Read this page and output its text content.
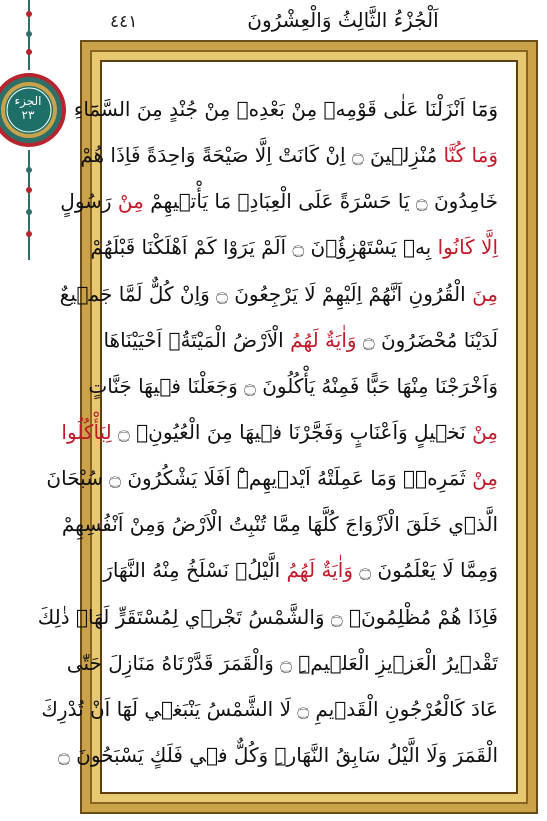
الجزء
٢٣
٤٤١	اَلْجُزْءُ الثَّالِثُ وَالْعِشْرُونَ
وَمَٓا اَنْزَلْنَا عَلٰى قَوْمِهٖ مِنْ بَعْدِهٖ مِنْ جُنْدٍ مِنَ السَّمَٓاءِ
وَمَا كُنَّا مُنْزِل۪ينَ ۝ اِنْ كَانَتْ اِلَّا صَيْحَةً وَاحِدَةً فَاِذَا هُمْ
خَامِدُونَ ۝ يَا حَسْرَةً عَلَى الْعِبَادِۚ مَا يَأْت۪يهِمْ مِنْ رَسُولٍ
اِلَّا كَانُوا بِه۪ يَسْتَهْزِؤُ۫نَ ۝ اَلَمْ يَرَوْا كَمْ اَهْلَكْنَا قَبْلَهُمْ
مِنَ الْقُرُونِ اَنَّهُمْ اِلَيْهِمْ لَا يَرْجِعُونَ ۝ وَاِنْ كُلٌّ لَمَّا جَم۪يعٌ
لَدَيْنَا مُحْضَرُونَ ۝ وَاٰيَةٌ لَهُمُ الْاَرْضُ الْمَيْتَةُۚ اَحْيَيْنَاهَا
وَاَخْرَجْنَا مِنْهَا حَبًّا فَمِنْهُ يَأْكُلُونَ ۝ وَجَعَلْنَا ف۪يهَا جَنَّاتٍ
مِنْ نَخ۪يلٍ وَاَعْنَابٍ وَفَجَّرْنَا ف۪يهَا مِنَ الْعُيُونِۙ ۝ لِيَأْكُلُوا
مِنْ ثَمَرِه۪ۙ وَمَا عَمِلَتْهُ اَيْد۪يهِمْۜ اَفَلَا يَشْكُرُونَ ۝ سُبْحَانَ
الَّذ۪ي خَلَقَ الْاَزْوَاجَ كُلَّهَا مِمَّا تُنْبِتُ الْاَرْضُ وَمِنْ اَنْفُسِهِمْ
وَمِمَّا لَا يَعْلَمُونَ ۝ وَاٰيَةٌ لَهُمُ الَّيْلُۚ نَسْلَخُ مِنْهُ النَّهَارَ
فَاِذَا هُمْ مُظْلِمُونَۙ ۝ وَالشَّمْسُ تَجْر۪ي لِمُسْتَقَرٍّ لَهَاۜ ذٰلِكَ
تَقْد۪يرُ الْعَز۪يزِ الْعَل۪يمِۜ ۝ وَالْقَمَرَ قَدَّرْنَاهُ مَنَازِلَ حَتّٰى
عَادَ كَالْعُرْجُونِ الْقَد۪يمِ ۝ لَا الشَّمْسُ يَنْبَغ۪ي لَهَٓا اَنْ تُدْرِكَ
الْقَمَرَ وَلَا الَّيْلُ سَابِقُ النَّهَارِۜ وَكُلٌّ ف۪ي فَلَكٍ يَسْبَحُونَ ۝
